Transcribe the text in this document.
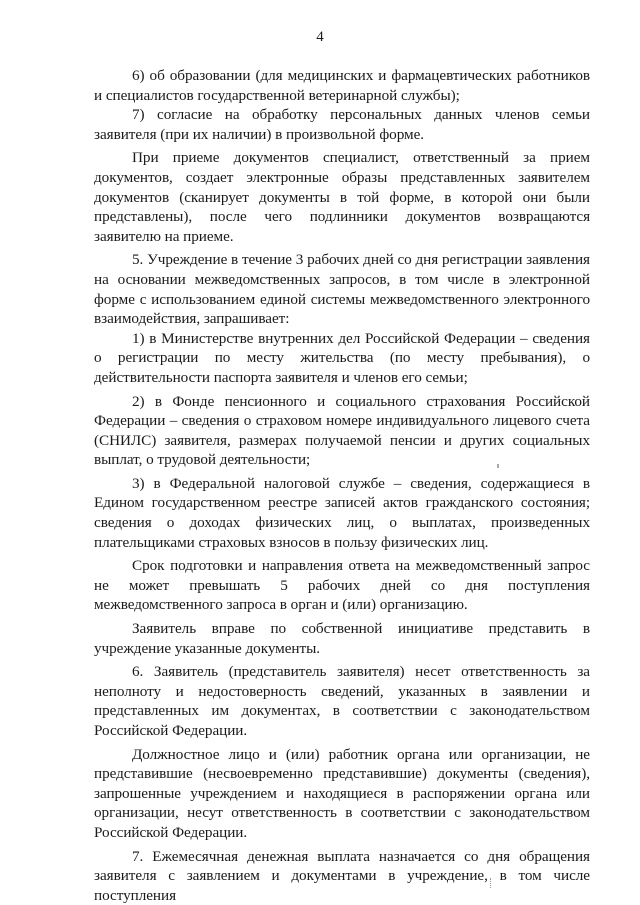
4

6) об образовании (для медицинских и фармацевтических работников и специалистов государственной ветеринарной службы);

7) согласие на обработку персональных данных членов семьи заявителя (при их наличии) в произвольной форме.

При приеме документов специалист, ответственный за прием документов, создает электронные образы представленных заявителем документов (сканирует документы в той форме, в которой они были представлены), после чего подлинники документов возвращаются заявителю на приеме.

5. Учреждение в течение 3 рабочих дней со дня регистрации заявления на основании межведомственных запросов, в том числе в электронной форме с использованием единой системы межведомственного электронного взаимодействия, запрашивает:

1) в Министерстве внутренних дел Российской Федерации – сведения о регистрации по месту жительства (по месту пребывания), о действительности паспорта заявителя и членов его семьи;

2) в Фонде пенсионного и социального страхования Российской Федерации – сведения о страховом номере индивидуального лицевого счета (СНИЛС) заявителя, размерах получаемой пенсии и других социальных выплат, о трудовой деятельности;

3) в Федеральной налоговой службе – сведения, содержащиеся в Едином государственном реестре записей актов гражданского состояния; сведения о доходах физических лиц, о выплатах, произведенных плательщиками страховых взносов в пользу физических лиц.

Срок подготовки и направления ответа на межведомственный запрос не может превышать 5 рабочих дней со дня поступления межведомственного запроса в орган и (или) организацию.

Заявитель вправе по собственной инициативе представить в учреждение указанные документы.

6. Заявитель (представитель заявителя) несет ответственность за неполноту и недостоверность сведений, указанных в заявлении и представленных им документах, в соответствии с законодательством Российской Федерации.

Должностное лицо и (или) работник органа или организации, не представившие (несвоевременно представившие) документы (сведения), запрошенные учреждением и находящиеся в распоряжении органа или организации, несут ответственность в соответствии с законодательством Российской Федерации.

7. Ежемесячная денежная выплата назначается со дня обращения заявителя с заявлением и документами в учреждение, в том числе поступления
